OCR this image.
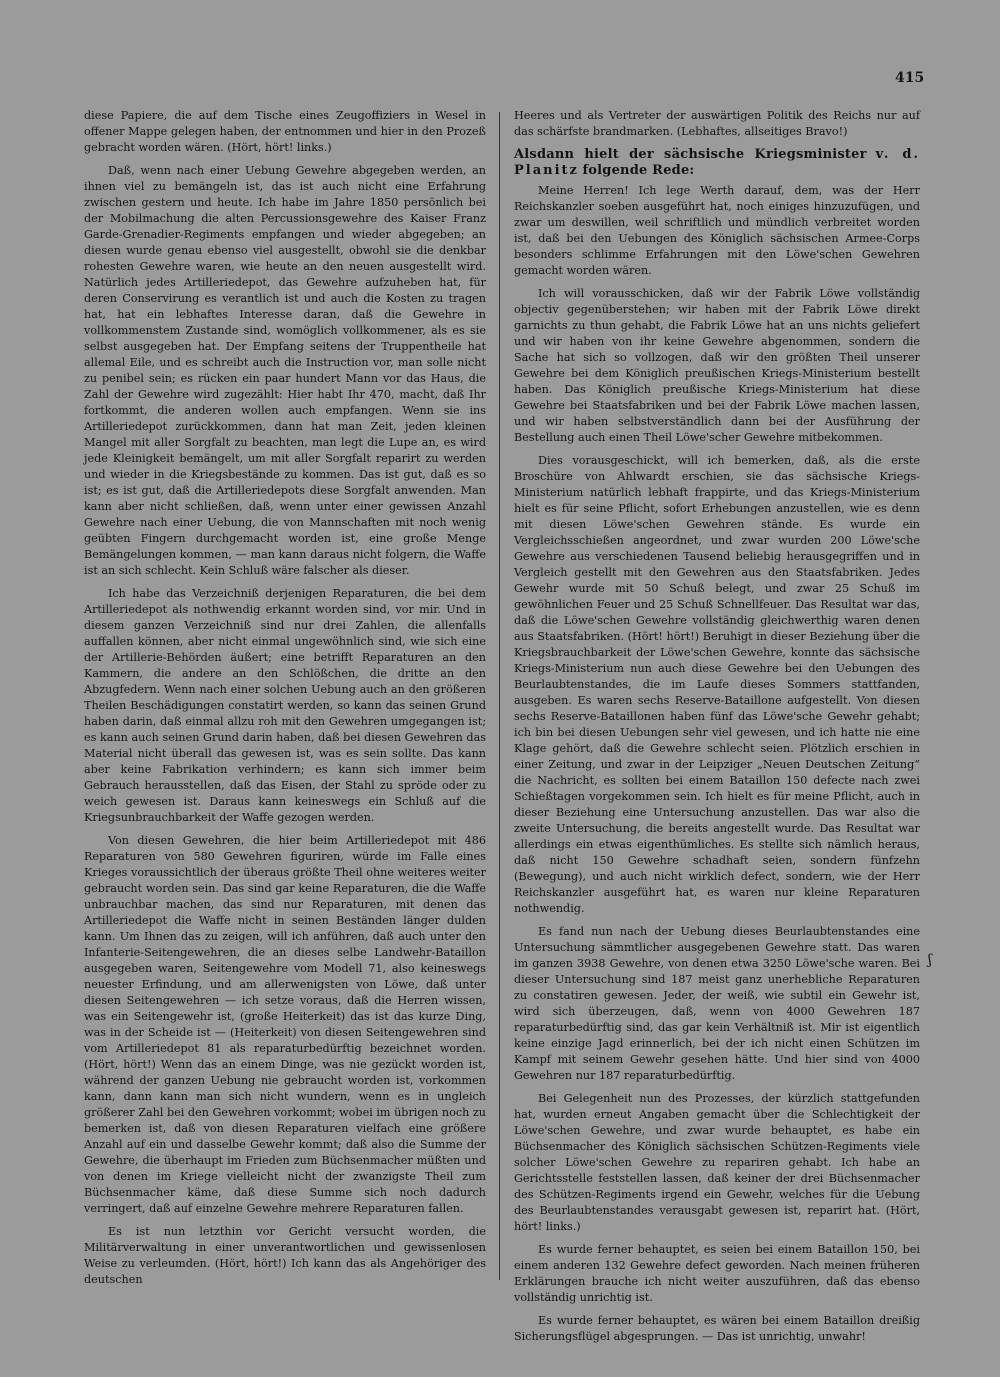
415

diese Papiere, die auf dem Tische eines Zeugoffiziers in Wesel in offener Mappe gelegen haben, der entnommen und hier in den Prozeß gebracht worden wären. (Hört, hört! links.)

Daß, wenn nach einer Uebung Gewehre abgegeben werden, an ihnen viel zu bemängeln ist, das ist auch nicht eine Erfahrung zwischen gestern und heute. Ich habe im Jahre 1850 persönlich bei der Mobilmachung die alten Percussionsgewehre des Kaiser Franz Garde-Grenadier-Regiments empfangen und wieder abgegeben; an diesen wurde genau ebenso viel ausgestellt, obwohl sie die denkbar rohesten Gewehre waren, wie heute an den neuen ausgestellt wird. Natürlich jedes Artilleriedepot, das Gewehre aufzuheben hat, für deren Conservirung es verantlich ist und auch die Kosten zu tragen hat, hat ein lebhaftes Interesse daran, daß die Gewehre in vollkommenstem Zustande sind, womöglich vollkommener, als es sie selbst ausgegeben hat. Der Empfang seitens der Truppentheile hat allemal Eile, und es schreibt auch die Instruction vor, man solle nicht zu penibel sein; es rücken ein paar hundert Mann vor das Haus, die Zahl der Gewehre wird zugezählt: Hier habt Ihr 470, macht, daß Ihr fortkommt, die anderen wollen auch empfangen. Wenn sie ins Artilleriedepot zurückkommen, dann hat man Zeit, jeden kleinen Mangel mit aller Sorgfalt zu beachten, man legt die Lupe an, es wird jede Kleinigkeit bemängelt, um mit aller Sorgfalt reparirt zu werden und wieder in die Kriegsbestände zu kommen. Das ist gut, daß es so ist; es ist gut, daß die Artilleriedepots diese Sorgfalt anwenden. Man kann aber nicht schließen, daß, wenn unter einer gewissen Anzahl Gewehre nach einer Uebung, die von Mannschaften mit noch wenig geübten Fingern durchgemacht worden ist, eine große Menge Bemängelungen kommen, — man kann daraus nicht folgern, die Waffe ist an sich schlecht. Kein Schluß wäre falscher als dieser.

Ich habe das Verzeichniß derjenigen Reparaturen, die bei dem Artilleriedepot als nothwendig erkannt worden sind, vor mir. Und in diesem ganzen Verzeichniß sind nur drei Zahlen, die allenfalls auffallen können, aber nicht einmal ungewöhnlich sind, wie sich eine der Artillerie-Behörden äußert; eine betrifft Reparaturen an den Kammern, die andere an den Schlößchen, die dritte an den Abzugfedern. Wenn nach einer solchen Uebung auch an den größeren Theilen Beschädigungen constatirt werden, so kann das seinen Grund haben darin, daß einmal allzu roh mit den Gewehren umgegangen ist; es kann auch seinen Grund darin haben, daß bei diesen Gewehren das Material nicht überall das gewesen ist, was es sein sollte. Das kann aber keine Fabrikation verhindern; es kann sich immer beim Gebrauch herausstellen, daß das Eisen, der Stahl zu spröde oder zu weich gewesen ist. Daraus kann keineswegs ein Schluß auf die Kriegsunbrauchbarkeit der Waffe gezogen werden.

Von diesen Gewehren, die hier beim Artilleriedepot mit 486 Reparaturen von 580 Gewehren figuriren, würde im Falle eines Krieges voraussichtlich der überaus größte Theil ohne weiteres weiter gebraucht worden sein. Das sind gar keine Reparaturen, die die Waffe unbrauchbar machen, das sind nur Reparaturen, mit denen das Artilleriedepot die Waffe nicht in seinen Beständen länger dulden kann. Um Ihnen das zu zeigen, will ich anführen, daß auch unter den Infanterie-Seitengewehren, die an dieses selbe Landwehr-Bataillon ausgegeben waren, Seitengewehre vom Modell 71, also keineswegs neuester Erfindung, und am allerwenigsten von Löwe, daß unter diesen Seitengewehren — ich setze voraus, daß die Herren wissen, was ein Seitengewehr ist, (große Heiterkeit) das ist das kurze Ding, was in der Scheide ist — (Heiterkeit) von diesen Seitengewehren sind vom Artilleriedepot 81 als reparaturbedürftig bezeichnet worden. (Hört, hört!) Wenn das an einem Dinge, was nie gezückt worden ist, während der ganzen Uebung nie gebraucht worden ist, vorkommen kann, dann kann man sich nicht wundern, wenn es in ungleich größerer Zahl bei den Gewehren vorkommt; wobei im übrigen noch zu bemerken ist, daß von diesen Reparaturen vielfach eine größere Anzahl auf ein und dasselbe Gewehr kommt; daß also die Summe der Gewehre, die überhaupt im Frieden zum Büchsenmacher müßten und von denen im Kriege vielleicht nicht der zwanzigste Theil zum Büchsenmacher käme, daß diese Summe sich noch dadurch verringert, daß auf einzelne Gewehre mehrere Reparaturen fallen.

Es ist nun letzthin vor Gericht versucht worden, die Militärverwaltung in einer unverantwortlichen und gewissenlosen Weise zu verleumden. (Hört, hört!) Ich kann das als Angehöriger des deutschen

Heeres und als Vertreter der auswärtigen Politik des Reichs nur auf das schärfste brandmarken. (Lebhaftes, allseitiges Bravo!)

Alsdann hielt der sächsische Kriegsminister v. d. Planitz folgende Rede:

Meine Herren! Ich lege Werth darauf, dem, was der Herr Reichskanzler soeben ausgeführt hat, noch einiges hinzuzufügen, und zwar um deswillen, weil schriftlich und mündlich verbreitet worden ist, daß bei den Uebungen des Königlich sächsischen Armee-Corps besonders schlimme Erfahrungen mit den Löwe'schen Gewehren gemacht worden wären.

Ich will vorausschicken, daß wir der Fabrik Löwe vollständig objectiv gegenüberstehen; wir haben mit der Fabrik Löwe direkt garnichts zu thun gehabt, die Fabrik Löwe hat an uns nichts geliefert und wir haben von ihr keine Gewehre abgenommen, sondern die Sache hat sich so vollzogen, daß wir den größten Theil unserer Gewehre bei dem Königlich preußischen Kriegs-Ministerium bestellt haben. Das Königlich preußische Kriegs-Ministerium hat diese Gewehre bei Staatsfabriken und bei der Fabrik Löwe machen lassen, und wir haben selbstverständlich dann bei der Ausführung der Bestellung auch einen Theil Löwe'scher Gewehre mitbekommen.

Dies vorausgeschickt, will ich bemerken, daß, als die erste Broschüre von Ahlwardt erschien, sie das sächsische Kriegs-Ministerium natürlich lebhaft frappirte, und das Kriegs-Ministerium hielt es für seine Pflicht, sofort Erhebungen anzustellen, wie es denn mit diesen Löwe'schen Gewehren stände. Es wurde ein Vergleichsschießen angeordnet, und zwar wurden 200 Löwe'sche Gewehre aus verschiedenen Tausend beliebig herausgegriffen und in Vergleich gestellt mit den Gewehren aus den Staatsfabriken. Jedes Gewehr wurde mit 50 Schuß belegt, und zwar 25 Schuß im gewöhnlichen Feuer und 25 Schuß Schnellfeuer. Das Resultat war das, daß die Löwe'schen Gewehre vollständig gleichwerthig waren denen aus Staatsfabriken. (Hört! hört!) Beruhigt in dieser Beziehung über die Kriegsbrauchbarkeit der Löwe'schen Gewehre, konnte das sächsische Kriegs-Ministerium nun auch diese Gewehre bei den Uebungen des Beurlaubtenstandes, die im Laufe dieses Sommers stattfanden, ausgeben. Es waren sechs Reserve-Bataillone aufgestellt. Von diesen sechs Reserve-Bataillonen haben fünf das Löwe'sche Gewehr gehabt; ich bin bei diesen Uebungen sehr viel gewesen, und ich hatte nie eine Klage gehört, daß die Gewehre schlecht seien. Plötzlich erschien in einer Zeitung, und zwar in der Leipziger „Neuen Deutschen Zeitung“ die Nachricht, es sollten bei einem Bataillon 150 defecte nach zwei Schießtagen vorgekommen sein. Ich hielt es für meine Pflicht, auch in dieser Beziehung eine Untersuchung anzustellen. Das war also die zweite Untersuchung, die bereits angestellt wurde. Das Resultat war allerdings ein etwas eigenthümliches. Es stellte sich nämlich heraus, daß nicht 150 Gewehre schadhaft seien, sondern fünfzehn (Bewegung), und auch nicht wirklich defect, sondern, wie der Herr Reichskanzler ausgeführt hat, es waren nur kleine Reparaturen nothwendig.

Es fand nun nach der Uebung dieses Beurlaubtenstandes eine Untersuchung sämmtlicher ausgegebenen Gewehre statt. Das waren im ganzen 3938 Gewehre, von denen etwa 3250 Löwe'sche waren. Bei dieser Untersuchung sind 187 meist ganz unerhebliche Reparaturen zu constatiren gewesen. Jeder, der weiß, wie subtil ein Gewehr ist, wird sich überzeugen, daß, wenn von 4000 Gewehren 187 reparaturbedürftig sind, das gar kein Verhältniß ist. Mir ist eigentlich keine einzige Jagd erinnerlich, bei der ich nicht einen Schützen im Kampf mit seinem Gewehr gesehen hätte. Und hier sind von 4000 Gewehren nur 187 reparaturbedürftig.

Bei Gelegenheit nun des Prozesses, der kürzlich stattgefunden hat, wurden erneut Angaben gemacht über die Schlechtigkeit der Löwe'schen Gewehre, und zwar wurde behauptet, es habe ein Büchsenmacher des Königlich sächsischen Schützen-Regiments viele solcher Löwe'schen Gewehre zu repariren gehabt. Ich habe an Gerichtsstelle feststellen lassen, daß keiner der drei Büchsenmacher des Schützen-Regiments irgend ein Gewehr, welches für die Uebung des Beurlaubtenstandes verausgabt gewesen ist, reparirt hat. (Hört, hört! links.)

Es wurde ferner behauptet, es seien bei einem Bataillon 150, bei einem anderen 132 Gewehre defect geworden. Nach meinen früheren Erklärungen brauche ich nicht weiter auszuführen, daß das ebenso vollständig unrichtig ist.

Es wurde ferner behauptet, es wären bei einem Bataillon dreißig Sicherungsflügel abgesprungen. — Das ist unrichtig, unwahr!

ʃ
